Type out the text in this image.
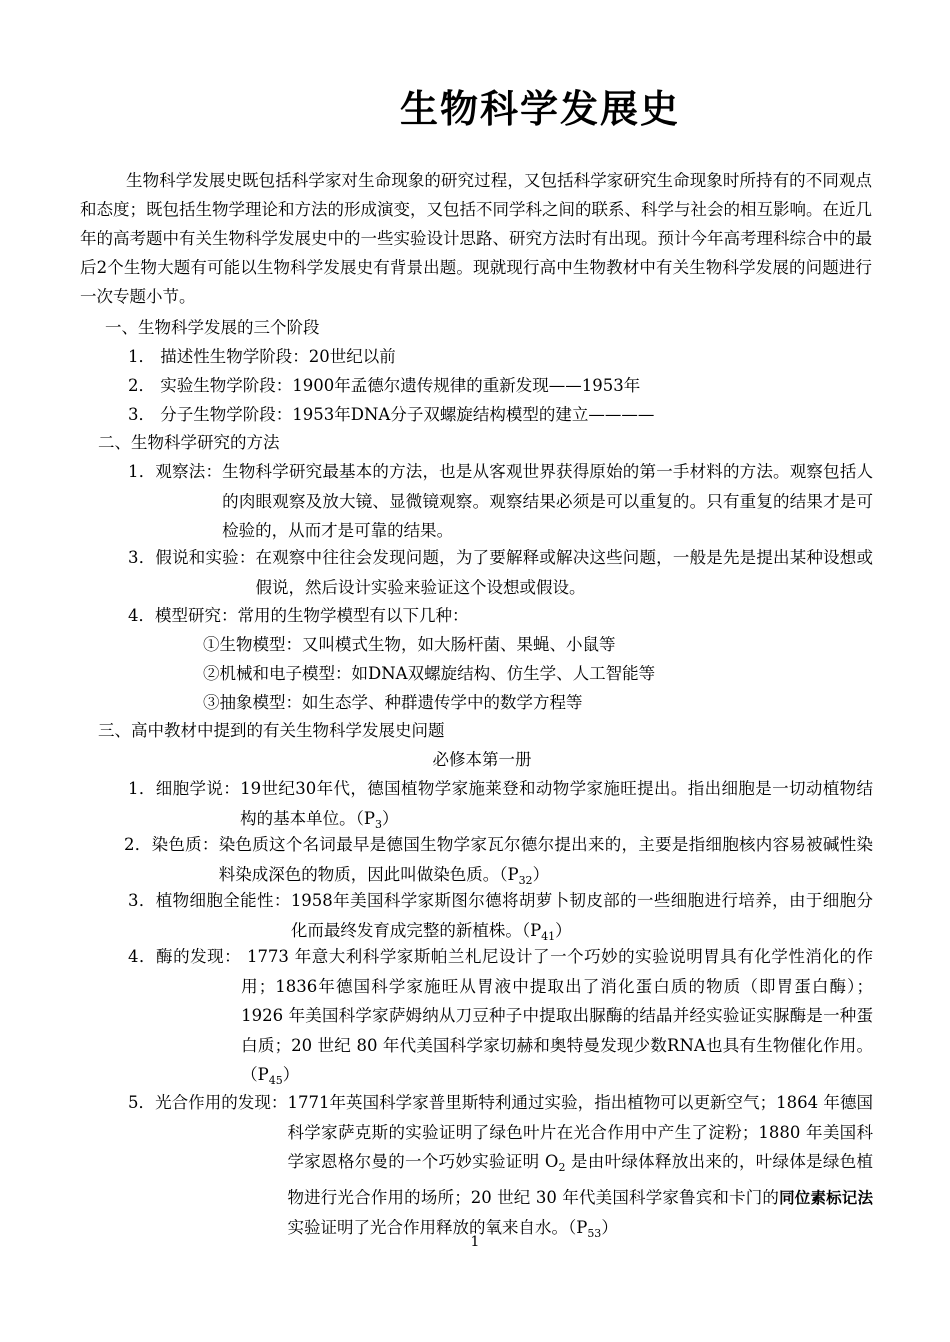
生物科学发展史

生物科学发展史既包括科学家对生命现象的研究过程，又包括科学家研究生命现象时所持有的不同观点和态度；既包括生物学理论和方法的形成演变，又包括不同学科之间的联系、科学与社会的相互影响。在近几年的高考题中有关生物科学发展史中的一些实验设计思路、研究方法时有出现。预计今年高考理科综合中的最后2个生物大题有可能以生物科学发展史有背景出题。现就现行高中生物教材中有关生物科学发展的问题进行一次专题小节。

一、生物科学发展的三个阶段
1． 描述性生物学阶段：20世纪以前
2． 实验生物学阶段：1900年孟德尔遗传规律的重新发现——1953年
3． 分子生物学阶段：1953年DNA分子双螺旋结构模型的建立————
二、生物科学研究的方法
1．观察法：生物科学研究最基本的方法，也是从客观世界获得原始的第一手材料的方法。观察包括人的肉眼观察及放大镜、显微镜观察。观察结果必须是可以重复的。只有重复的结果才是可检验的，从而才是可靠的结果。
3．假说和实验：在观察中往往会发现问题，为了要解释或解决这些问题，一般是先是提出某种设想或假说，然后设计实验来验证这个设想或假设。
4．模型研究：常用的生物学模型有以下几种：
①生物模型：又叫模式生物，如大肠杆菌、果蝇、小鼠等
②机械和电子模型：如DNA双螺旋结构、仿生学、人工智能等
③抽象模型：如生态学、种群遗传学中的数学方程等
三、高中教材中提到的有关生物科学发展史问题
必修本第一册
1．细胞学说：19世纪30年代，德国植物学家施莱登和动物学家施旺提出。指出细胞是一切动植物结构的基本单位。$(P_3)$
2．染色质：染色质这个名词最早是德国生物学家瓦尔德尔提出来的，主要是指细胞核内容易被碱性染料染成深色的物质，因此叫做染色质。$(P_{32})$
3．植物细胞全能性：1958年美国科学家斯图尔德将胡萝卜韧皮部的一些细胞进行培养，由于细胞分化而最终发育成完整的新植株。$(P_{41})$
4．酶的发现： 1773 年意大利科学家斯帕兰札尼设计了一个巧妙的实验说明胃具有化学性消化的作用；1836年德国科学家施旺从胃液中提取出了消化蛋白质的物质（即胃蛋白酶）；1926 年美国科学家萨姆纳从刀豆种子中提取出脲酶的结晶并经实验证实脲酶是一种蛋白质；20 世纪 80 年代美国科学家切赫和奥特曼发现少数RNA也具有生物催化作用。$(P_{45})$
5．光合作用的发现：1771年英国科学家普里斯特利通过实验，指出植物可以更新空气；1864 年德国科学家萨克斯的实验证明了绿色叶片在光合作用中产生了淀粉；1880 年美国科学家恩格尔曼的一个巧妙实验证明 $O_2$ 是由叶绿体释放出来的，叶绿体是绿色植物进行光合作用的场所；20 世纪 30 年代美国科学家鲁宾和卡门的同位素标记法实验证明了光合作用释放的氧来自水。$(P_{53})$
1
